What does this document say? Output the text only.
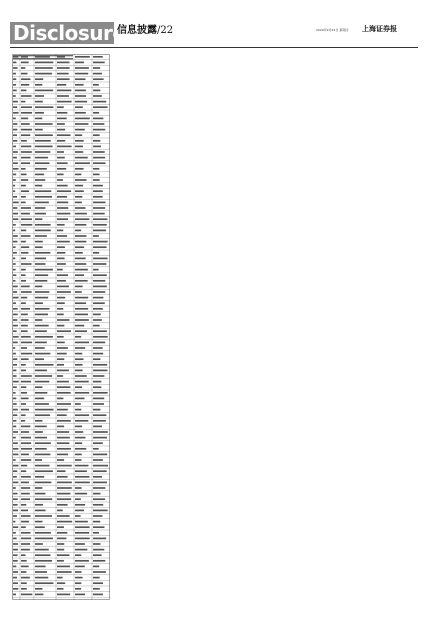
Disclosure
信息披露/22	2020年9月24日 星期四 上海证券报
